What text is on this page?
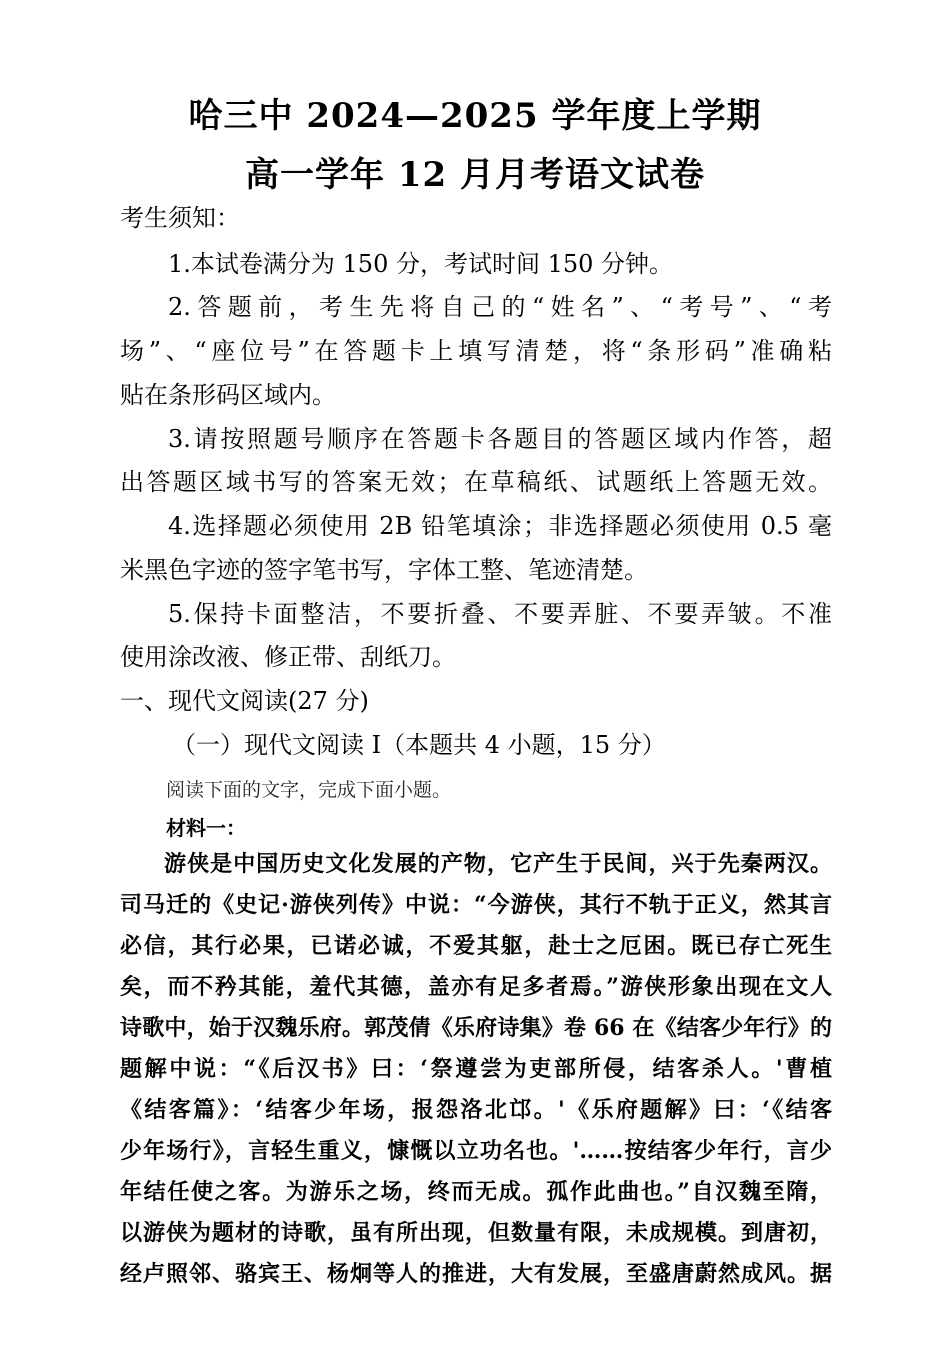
哈三中 2024—2025 学年度上学期
高一学年 12 月月考语文试卷
考生须知：
1.本试卷满分为 150 分，考试时间 150 分钟。
2.答题前，考生先将自己的“姓名”、“考号”、“考
场”、“座位号”在答题卡上填写清楚，将“条形码”准确粘
贴在条形码区域内。
3.请按照题号顺序在答题卡各题目的答题区域内作答，超
出答题区域书写的答案无效；在草稿纸、试题纸上答题无效。
4.选择题必须使用 2B 铅笔填涂；非选择题必须使用 0.5 毫
米黑色字迹的签字笔书写，字体工整、笔迹清楚。
5.保持卡面整洁，不要折叠、不要弄脏、不要弄皱。不准
使用涂改液、修正带、刮纸刀。
一、现代文阅读(27 分)
（一）现代文阅读 I（本题共 4 小题，15 分）
阅读下面的文字，完成下面小题。
材料一：
游侠是中国历史文化发展的产物，它产生于民间，兴于先秦两汉。
司马迁的《史记·游侠列传》中说：“今游侠，其行不轨于正义，然其言
必信，其行必果，已诺必诚，不爱其躯，赴士之厄困。既已存亡死生
矣，而不矜其能，羞代其德，盖亦有足多者焉。”游侠形象出现在文人
诗歌中，始于汉魏乐府。郭茂倩《乐府诗集》卷 66 在《结客少年行》的
题解中说：“《后汉书》曰：‘祭遵尝为吏部所侵，结客杀人。'曹植
《结客篇》：‘结客少年场，报怨洛北邙。'《乐府题解》曰：‘《结客
少年场行》，言轻生重义，慷慨以立功名也。'……按结客少年行，言少
年结任使之客。为游乐之场，终而无成。孤作此曲也。”自汉魏至隋，
以游侠为题材的诗歌，虽有所出现，但数量有限，未成规模。到唐初，
经卢照邻、骆宾王、杨炯等人的推进，大有发展，至盛唐蔚然成风。据
